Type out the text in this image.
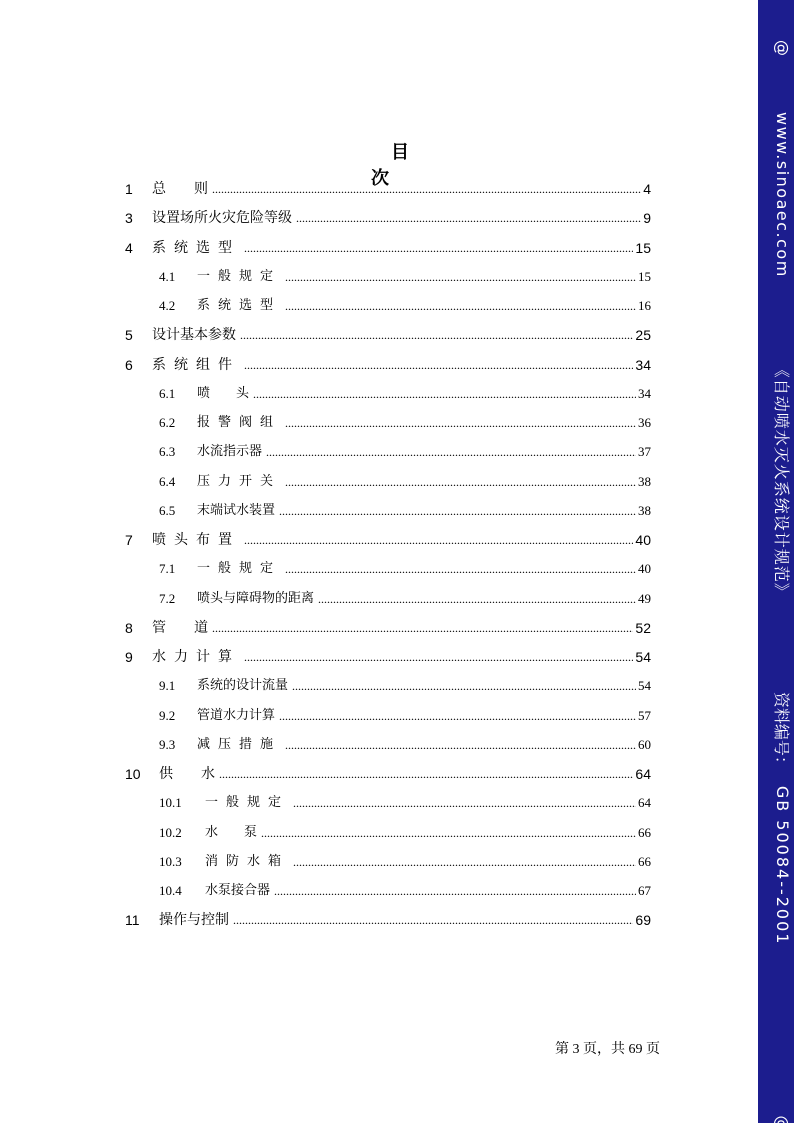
目　次
1	总　　则 .....	4
3	设置场所火灾危险等级 .....	9
4	系统选型 .....	15
4.1	一般规定 .....	15
4.2	系统选型 .....	16
5	设计基本参数 .....	25
6	系统组件 .....	34
6.1	喷　　头 .....	34
6.2	报警阀组 .....	36
6.3	水流指示器 .....	37
6.4	压力开关 .....	38
6.5	末端试水装置 .....	38
7	喷头布置 .....	40
7.1	一般规定 .....	40
7.2	喷头与障碍物的距离 .....	49
8	管　　道 .....	52
9	水力计算 .....	54
9.1	系统的设计流量 .....	54
9.2	管道水力计算 .....	57
9.3	减压措施 .....	60
10	供　　水 .....	64
10.1	一般规定 .....	64
10.2	水　　泵 .....	66
10.3	消防水箱 .....	66
10.4	水泵接合器 .....	67
11	操作与控制 .....	69
第 3 页，共 69 页
@
www.sinoaec.com
《自动喷水灭火系统设计规范》
资料编号：
GB 50084--2001
@
